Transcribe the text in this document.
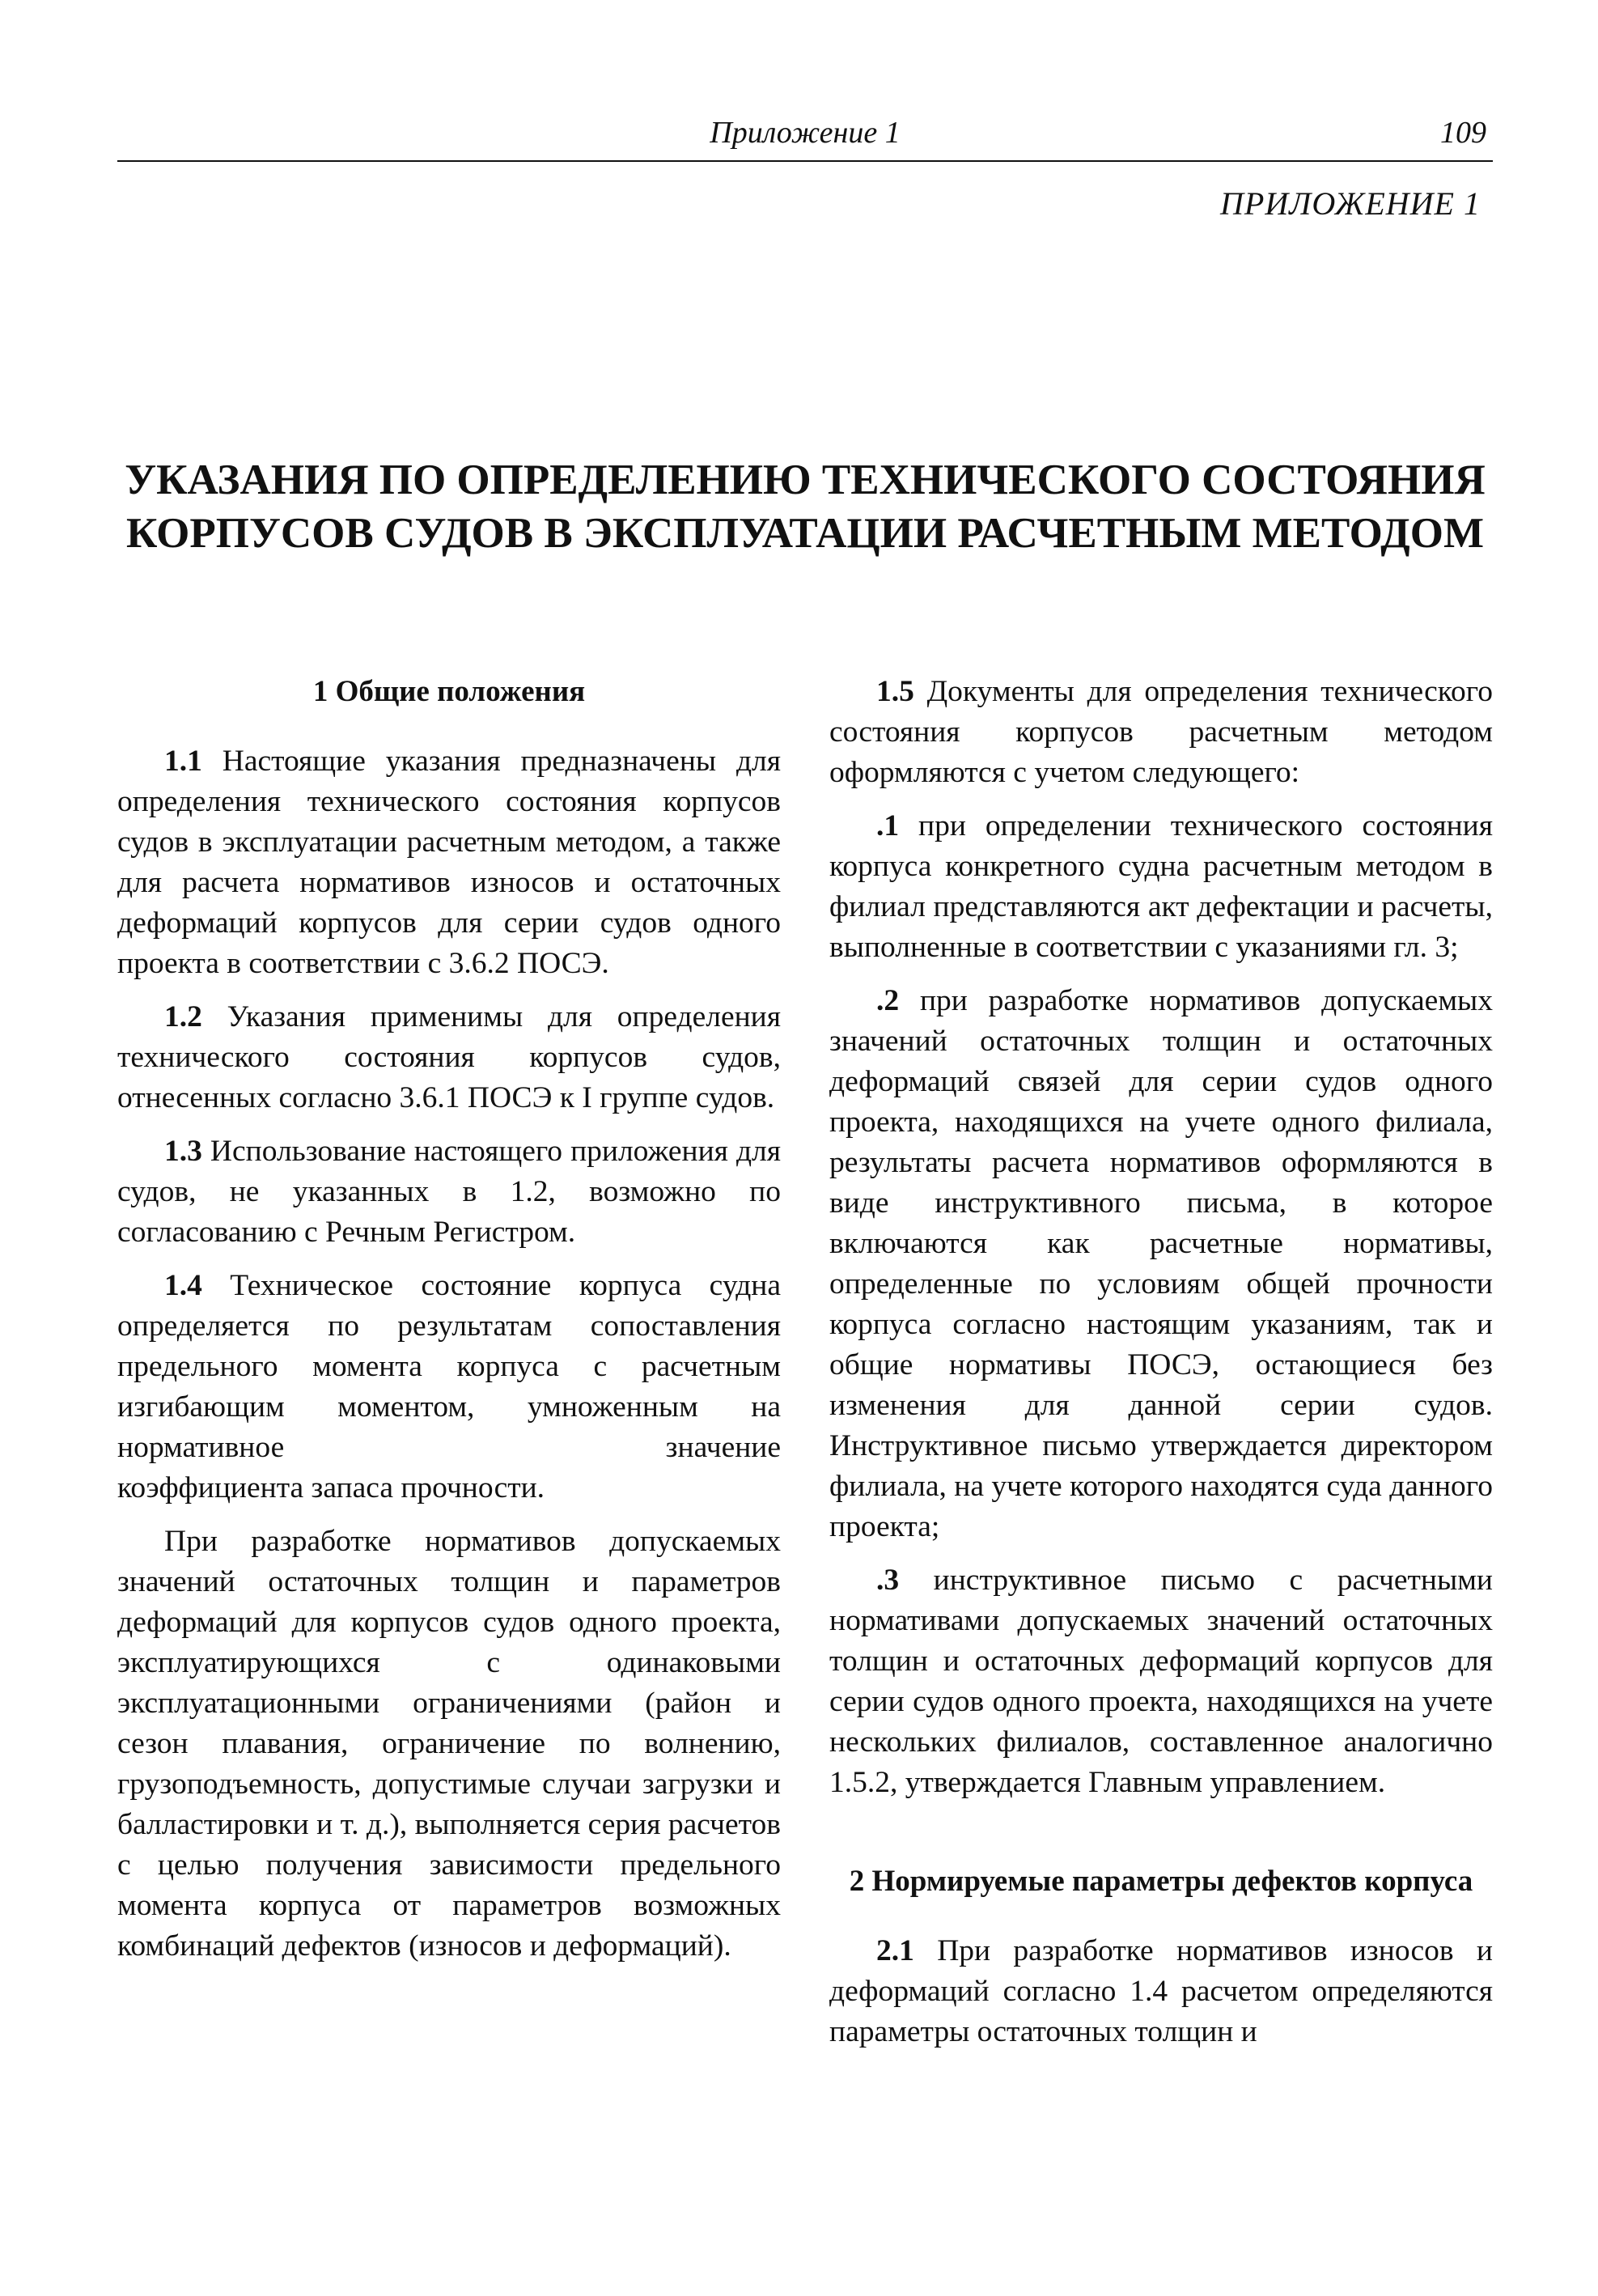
Приложение 1	109
ПРИЛОЖЕНИЕ 1
УКАЗАНИЯ ПО ОПРЕДЕЛЕНИЮ ТЕХНИЧЕСКОГО СОСТОЯНИЯ
КОРПУСОВ СУДОВ В ЭКСПЛУАТАЦИИ РАСЧЕТНЫМ МЕТОДОМ
1 Общие положения

1.1 Настоящие указания предназначены для определения технического состояния корпусов судов в эксплуатации расчетным методом, а также для расчета нормативов износов и остаточных деформаций корпусов для серии судов одного проекта в соответствии с 3.6.2 ПОСЭ.

1.2 Указания применимы для определения технического состояния корпусов судов, отнесенных согласно 3.6.1 ПОСЭ к I группе судов.

1.3 Использование настоящего приложения для судов, не указанных в 1.2, возможно по согласованию с Речным Регистром.

1.4 Техническое состояние корпуса судна определяется по результатам сопоставления предельного момента корпуса с расчетным изгибающим моментом, умноженным на нормативное значение

коэффициента запаса прочности.

При разработке нормативов допускаемых значений остаточных толщин и параметров деформаций для корпусов судов одного проекта, эксплуатирующихся с одинаковыми эксплуатационными ограничениями (район и сезон плавания, ограничение по волнению, грузоподъемность, допустимые случаи загрузки и балластировки и т. д.), выполняется серия расчетов с целью получения зависимости предельного момента корпуса от параметров возможных комбинаций дефектов (износов и деформаций).

1.5 Документы для определения технического состояния корпусов расчетным методом оформляются с учетом следующего:

.1 при определении технического состояния корпуса конкретного судна расчетным методом в филиал представляются акт дефектации и расчеты, выполненные в соответствии с указаниями гл. 3;

.2 при разработке нормативов допускаемых значений остаточных толщин и остаточных деформаций связей для серии судов одного проекта, находящихся на учете одного филиала, результаты расчета нормативов оформляются в виде инструктивного письма, в которое включаются как расчетные нормативы, определенные по условиям общей прочности корпуса согласно настоящим указаниям, так и общие нормативы ПОСЭ, остающиеся без изменения для данной серии судов. Инструктивное письмо утверждается директором филиала, на учете которого находятся суда данного проекта;

.3 инструктивное письмо с расчетными нормативами допускаемых значений остаточных толщин и остаточных деформаций корпусов для серии судов одного проекта, находящихся на учете нескольких филиалов, составленное аналогично 1.5.2, утверждается Главным управлением.

2 Нормируемые параметры дефектов корпуса

2.1 При разработке нормативов износов и деформаций согласно 1.4 расчетом определяются параметры остаточных толщин и
